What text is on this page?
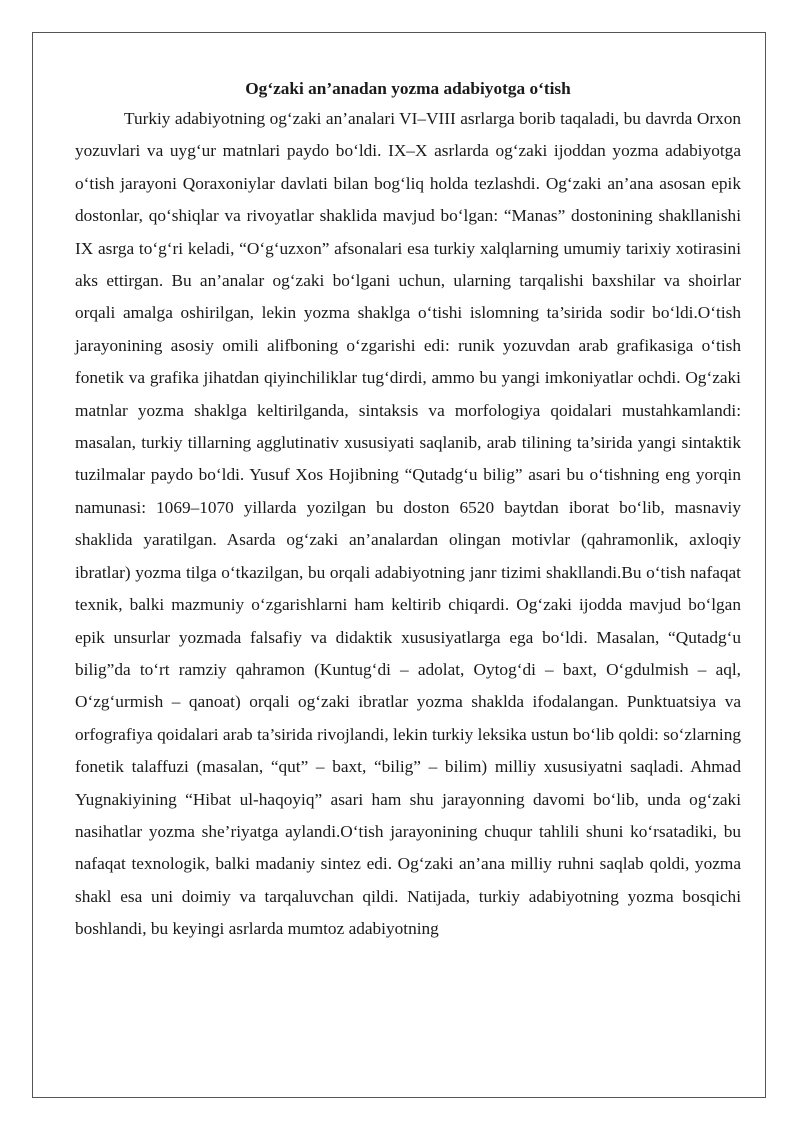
Og‘zaki an’anadan yozma adabiyotga o‘tish

Turkiy adabiyotning og‘zaki an’analari VI–VIII asrlarga borib taqaladi, bu davrda Orxon yozuvlari va uyg‘ur matnlari paydo bo‘ldi. IX–X asrlarda og‘zaki ijoddan yozma adabiyotga o‘tish jarayoni Qoraxoniylar davlati bilan bog‘liq holda tezlashdi. Og‘zaki an’ana asosan epik dostonlar, qo‘shiqlar va rivoyatlar shaklida mavjud bo‘lgan: “Manas” dostonining shakllanishi IX asrga to‘g‘ri keladi, “O‘g‘uzxon” afsonalari esa turkiy xalqlarning umumiy tarixiy xotirasini aks ettirgan. Bu an’analar og‘zaki bo‘lgani uchun, ularning tarqalishi baxshilar va shoirlar orqali amalga oshirilgan, lekin yozma shaklga o‘tishi islomning ta’sirida sodir bo‘ldi.O‘tish jarayonining asosiy omili alifboning o‘zgarishi edi: runik yozuvdan arab grafikasiga o‘tish fonetik va grafika jihatdan qiyinchiliklar tug‘dirdi, ammo bu yangi imkoniyatlar ochdi. Og‘zaki matnlar yozma shaklga keltirilganda, sintaksis va morfologiya qoidalari mustahkamlandi: masalan, turkiy tillarning agglutinativ xususiyati saqlanib, arab tilining ta’sirida yangi sintaktik tuzilmalar paydo bo‘ldi. Yusuf Xos Hojibning “Qutadg‘u bilig” asari bu o‘tishning eng yorqin namunasi: 1069–1070 yillarda yozilgan bu doston 6520 baytdan iborat bo‘lib, masnaviy shaklida yaratilgan. Asarda og‘zaki an’analardan olingan motivlar (qahramonlik, axloqiy ibratlar) yozma tilga o‘tkazilgan, bu orqali adabiyotning janr tizimi shakllandi.Bu o‘tish nafaqat texnik, balki mazmuniy o‘zgarishlarni ham keltirib chiqardi. Og‘zaki ijodda mavjud bo‘lgan epik unsurlar yozmada falsafiy va didaktik xususiyatlarga ega bo‘ldi. Masalan, “Qutadg‘u bilig”da to‘rt ramziy qahramon (Kuntug‘di – adolat, Oytog‘di – baxt, O‘gdulmish – aql, O‘zg‘urmish – qanoat) orqali og‘zaki ibratlar yozma shaklda ifodalangan. Punktuatsiya va orfografiya qoidalari arab ta’sirida rivojlandi, lekin turkiy leksika ustun bo‘lib qoldi: so‘zlarning fonetik talaffuzi (masalan, “qut” – baxt, “bilig” – bilim) milliy xususiyatni saqladi. Ahmad Yugnakiyining “Hibat ul-haqoyiq” asari ham shu jarayonning davomi bo‘lib, unda og‘zaki nasihatlar yozma she’riyatga aylandi.O‘tish jarayonining chuqur tahlili shuni ko‘rsatadiki, bu nafaqat texnologik, balki madaniy sintez edi. Og‘zaki an’ana milliy ruhni saqlab qoldi, yozma shakl esa uni doimiy va tarqaluvchan qildi. Natijada, turkiy adabiyotning yozma bosqichi boshlandi, bu keyingi asrlarda mumtoz adabiyotning
